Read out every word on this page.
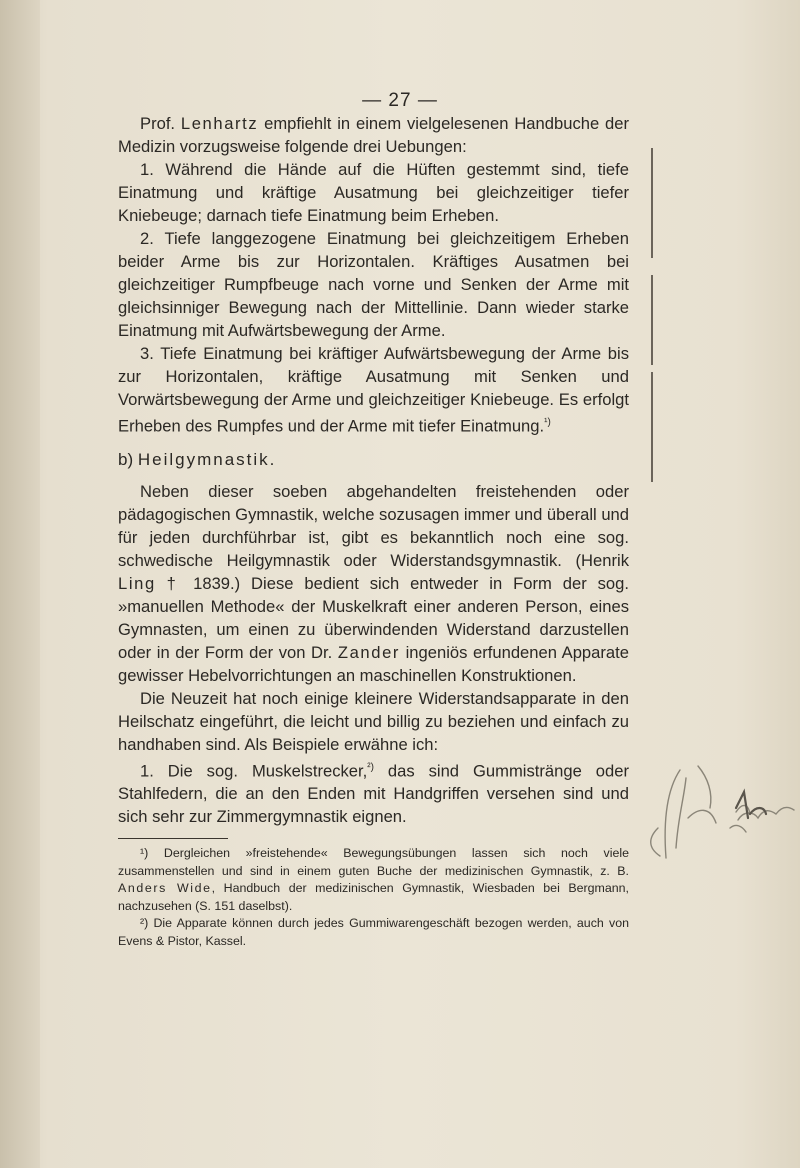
— 27 —

Prof. Lenhartz empfiehlt in einem vielgelesenen Handbuche der Medizin vorzugsweise folgende drei Uebungen:

1. Während die Hände auf die Hüften gestemmt sind, tiefe Einatmung und kräftige Ausatmung bei gleichzeitiger tiefer Kniebeuge; darnach tiefe Einatmung beim Erheben.

2. Tiefe langgezogene Einatmung bei gleichzeitigem Erheben beider Arme bis zur Horizontalen. Kräftiges Ausatmen bei gleichzeitiger Rumpfbeuge nach vorne und Senken der Arme mit gleichsinniger Bewegung nach der Mittellinie. Dann wieder starke Einatmung mit Aufwärtsbewegung der Arme.

3. Tiefe Einatmung bei kräftiger Aufwärtsbewegung der Arme bis zur Horizontalen, kräftige Ausatmung mit Senken und Vorwärtsbewegung der Arme und gleichzeitiger Kniebeuge. Es erfolgt Erheben des Rumpfes und der Arme mit tiefer Einatmung.$^{^1)}$

b) Heilgymnastik.

Neben dieser soeben abgehandelten freistehenden oder pädagogischen Gymnastik, welche sozusagen immer und überall und für jeden durchführbar ist, gibt es bekanntlich noch eine sog. schwedische Heilgymnastik oder Widerstandsgymnastik. (Henrik Ling † 1839.) Diese bedient sich entweder in Form der sog. »manuellen Methode« der Muskelkraft einer anderen Person, eines Gymnasten, um einen zu überwindenden Widerstand darzustellen oder in der Form der von Dr. Zander ingeniös erfundenen Apparate gewisser Hebelvorrichtungen an maschinellen Konstruktionen.

Die Neuzeit hat noch einige kleinere Widerstandsapparate in den Heilschatz eingeführt, die leicht und billig zu beziehen und einfach zu handhaben sind. Als Beispiele erwähne ich:

1. Die sog. Muskelstrecker,$^{^2)}$ das sind Gummistränge oder Stahlfedern, die an den Enden mit Handgriffen versehen sind und sich sehr zur Zimmergymnastik eignen.

¹) Dergleichen »freistehende« Bewegungsübungen lassen sich noch viele zusammenstellen und sind in einem guten Buche der medizinischen Gymnastik, z. B. Anders Wide, Handbuch der medizinischen Gymnastik, Wiesbaden bei Bergmann, nachzusehen (S. 151 daselbst).

²) Die Apparate können durch jedes Gummiwarengeschäft bezogen werden, auch von Evens & Pistor, Kassel.
